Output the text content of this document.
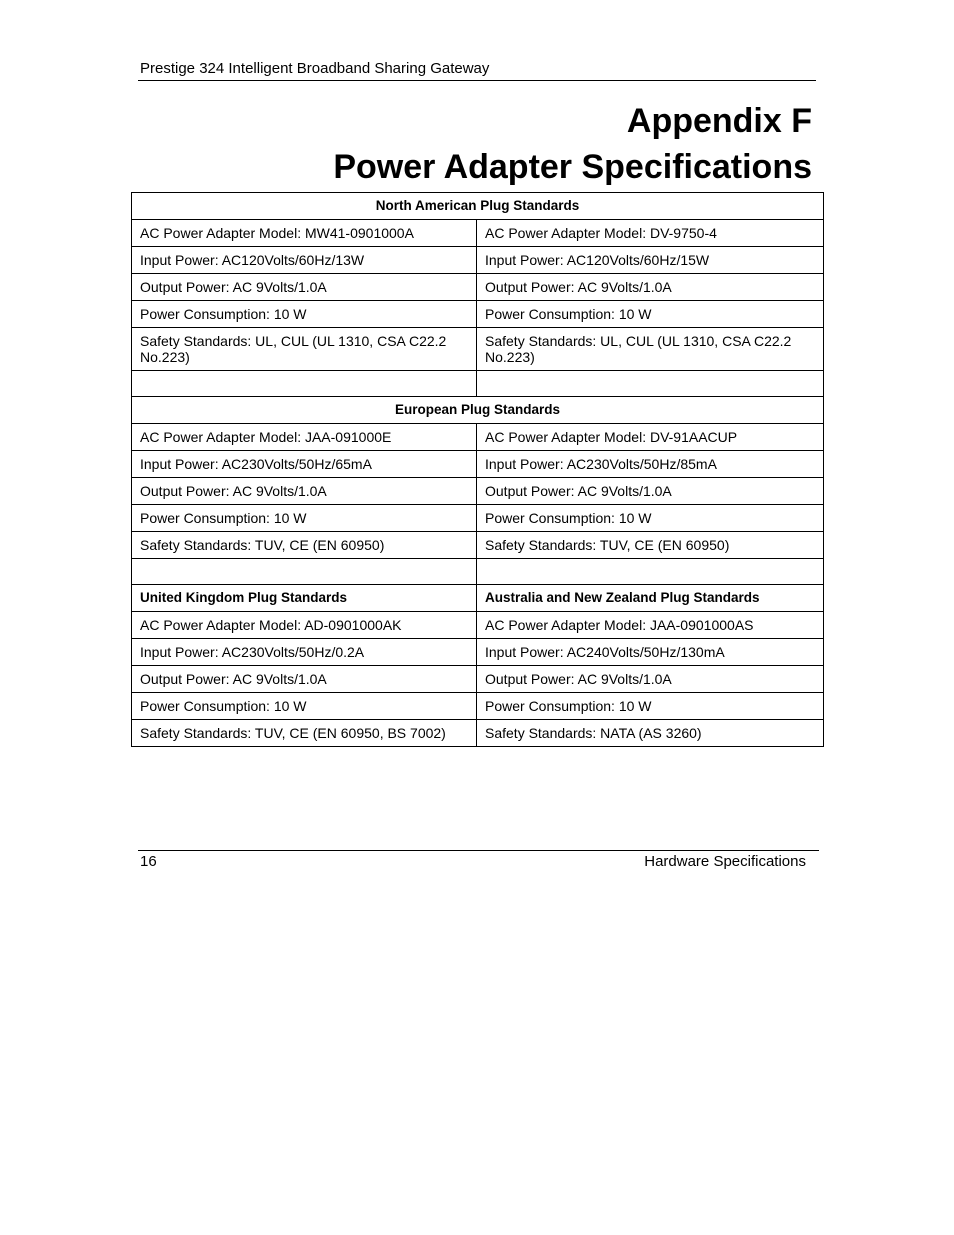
Prestige 324 Intelligent Broadband Sharing Gateway
Appendix F
Power Adapter Specifications
North American Plug Standards	
AC Power Adapter Model: MW41-0901000A	AC Power Adapter Model: DV-9750-4
Input Power: AC120Volts/60Hz/13W	Input Power: AC120Volts/60Hz/15W
Output Power: AC 9Volts/1.0A	Output Power: AC 9Volts/1.0A
Power Consumption: 10 W	Power Consumption: 10 W
Safety Standards: UL, CUL (UL 1310, CSA C22.2 No.223)	Safety Standards: UL, CUL (UL 1310, CSA C22.2 No.223)

European Plug Standards	
AC Power Adapter Model: JAA-091000E	AC Power Adapter Model: DV-91AACUP
Input Power: AC230Volts/50Hz/65mA	Input Power: AC230Volts/50Hz/85mA
Output Power: AC 9Volts/1.0A	Output Power: AC 9Volts/1.0A
Power Consumption: 10 W	Power Consumption: 10 W
Safety Standards: TUV, CE (EN 60950)	Safety Standards: TUV, CE (EN 60950)

United Kingdom Plug Standards	Australia and New Zealand Plug Standards
AC Power Adapter Model: AD-0901000AK	AC Power Adapter Model: JAA-0901000AS
Input Power: AC230Volts/50Hz/0.2A	Input Power: AC240Volts/50Hz/130mA
Output Power: AC 9Volts/1.0A	Output Power: AC 9Volts/1.0A
Power Consumption: 10 W	Power Consumption: 10 W
Safety Standards: TUV, CE (EN 60950, BS 7002)	Safety Standards: NATA (AS 3260)
16	Hardware Specifications
